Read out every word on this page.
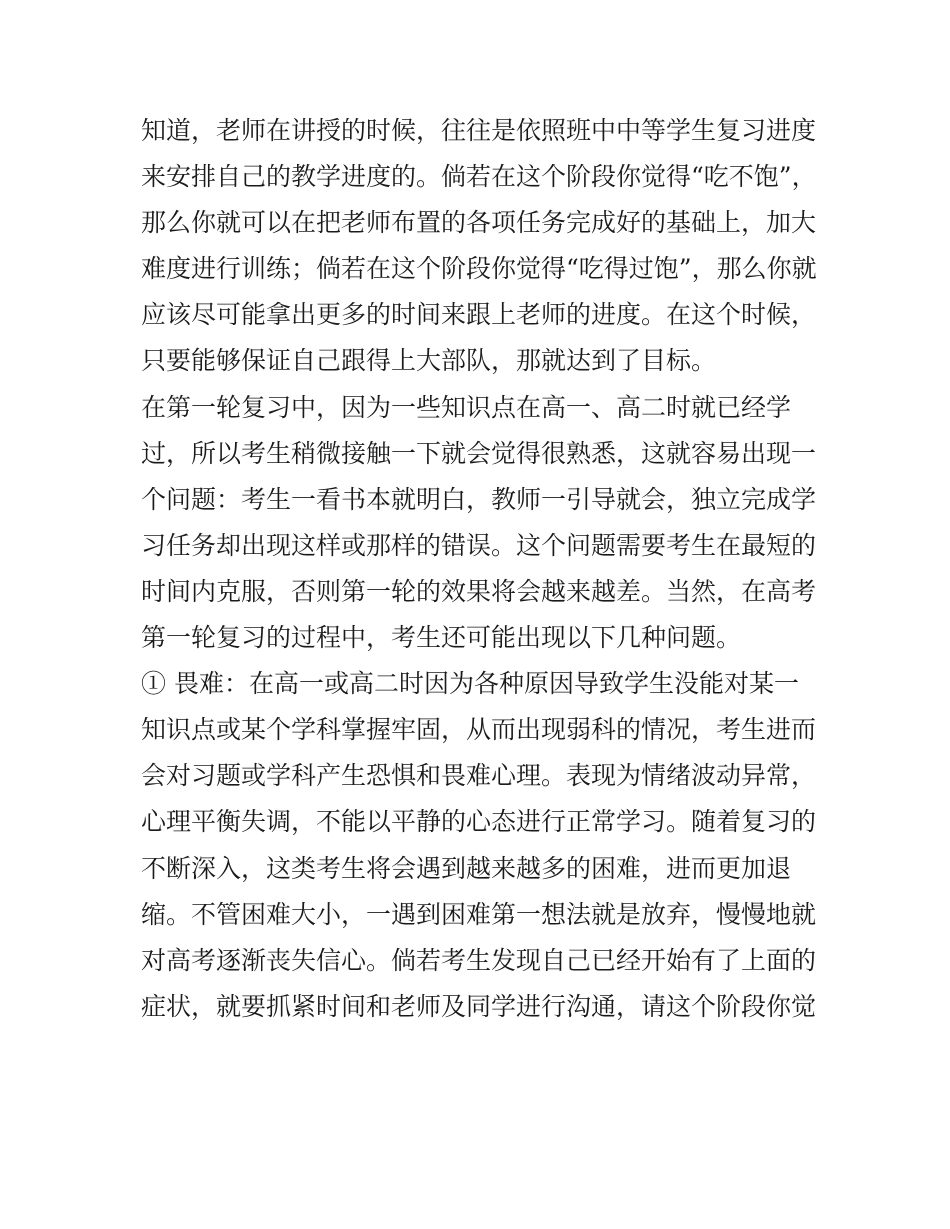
知道，老师在讲授的时候，往往是依照班中中等学生复习进度
来安排自己的教学进度的。倘若在这个阶段你觉得“吃不饱”，
那么你就可以在把老师布置的各项任务完成好的基础上，加大
难度进行训练；倘若在这个阶段你觉得“吃得过饱”，那么你就
应该尽可能拿出更多的时间来跟上老师的进度。在这个时候，
只要能够保证自己跟得上大部队，那就达到了目标。
在第一轮复习中，因为一些知识点在高一、高二时就已经学
过，所以考生稍微接触一下就会觉得很熟悉，这就容易出现一
个问题：考生一看书本就明白，教师一引导就会，独立完成学
习任务却出现这样或那样的错误。这个问题需要考生在最短的
时间内克服，否则第一轮的效果将会越来越差。当然，在高考
第一轮复习的过程中，考生还可能出现以下几种问题。
① 畏难：在高一或高二时因为各种原因导致学生没能对某一
知识点或某个学科掌握牢固，从而出现弱科的情况，考生进而
会对习题或学科产生恐惧和畏难心理。表现为情绪波动异常，
心理平衡失调，不能以平静的心态进行正常学习。随着复习的
不断深入，这类考生将会遇到越来越多的困难，进而更加退
缩。不管困难大小，一遇到困难第一想法就是放弃，慢慢地就
对高考逐渐丧失信心。倘若考生发现自己已经开始有了上面的
症状，就要抓紧时间和老师及同学进行沟通，请这个阶段你觉
